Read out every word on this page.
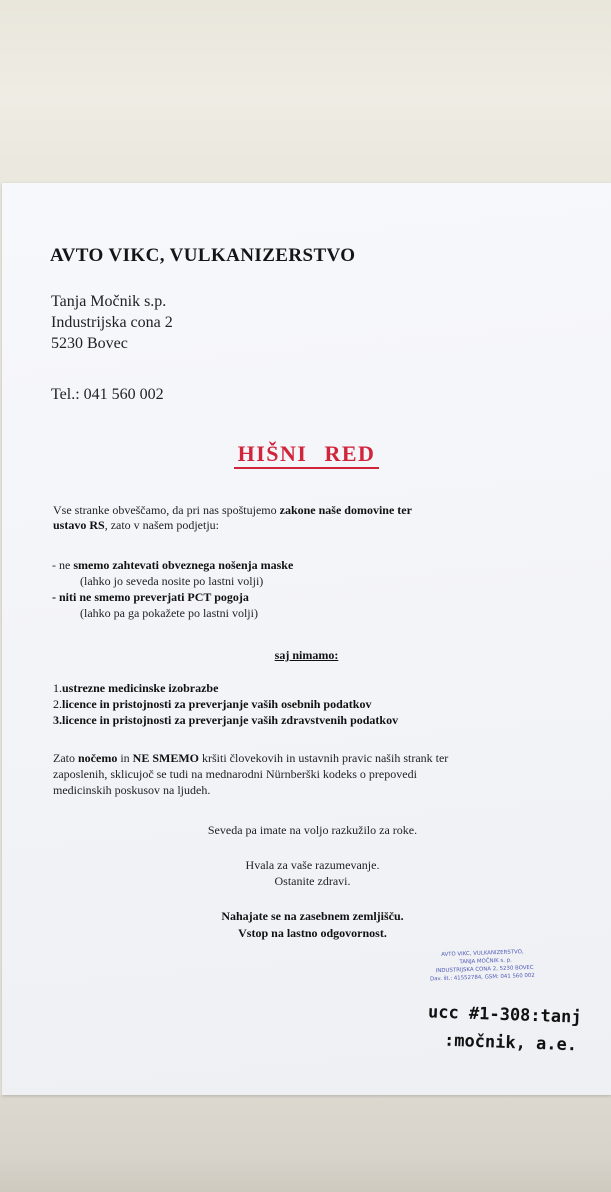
AVTO VIKC, VULKANIZERSTVO
Tanja Močnik s.p.
Industrijska cona 2
5230 Bovec
Tel.: 041 560 002
HIŠNI RED
Vse stranke obveščamo, da pri nas spoštujemo zakone naše domovine ter
ustavo RS, zato v našem podjetju:
- ne smemo zahtevati obveznega nošenja maske
(lahko jo seveda nosite po lastni volji)
- niti ne smemo preverjati PCT pogoja
(lahko pa ga pokažete po lastni volji)
saj nimamo:
1.ustrezne medicinske izobrazbe
2.licence in pristojnosti za preverjanje vaših osebnih podatkov
3.licence in pristojnosti za preverjanje vaših zdravstvenih podatkov
Zato nočemo in NE SMEMO kršiti človekovih in ustavnih pravic naših strank ter
zaposlenih, sklicujoč se tudi na mednarodni Nürnberški kodeks o prepovedi
medicinskih poskusov na ljudeh.
Seveda pa imate na voljo razkužilo za roke.
Hvala za vaše razumevanje.
Ostanite zdravi.
Nahajate se na zasebnem zemljišču.
Vstop na lastno odgovornost.
AVTO VIKC, VULKANIZERSTVO,
TANJA MOČNIK s. p.
INDUSTRIJSKA CONA 2, 5230 BOVEC
Dav. št.: 41552784, GSM: 041 560 002
ucc #1-308:tanj
:močnik, a.e.
